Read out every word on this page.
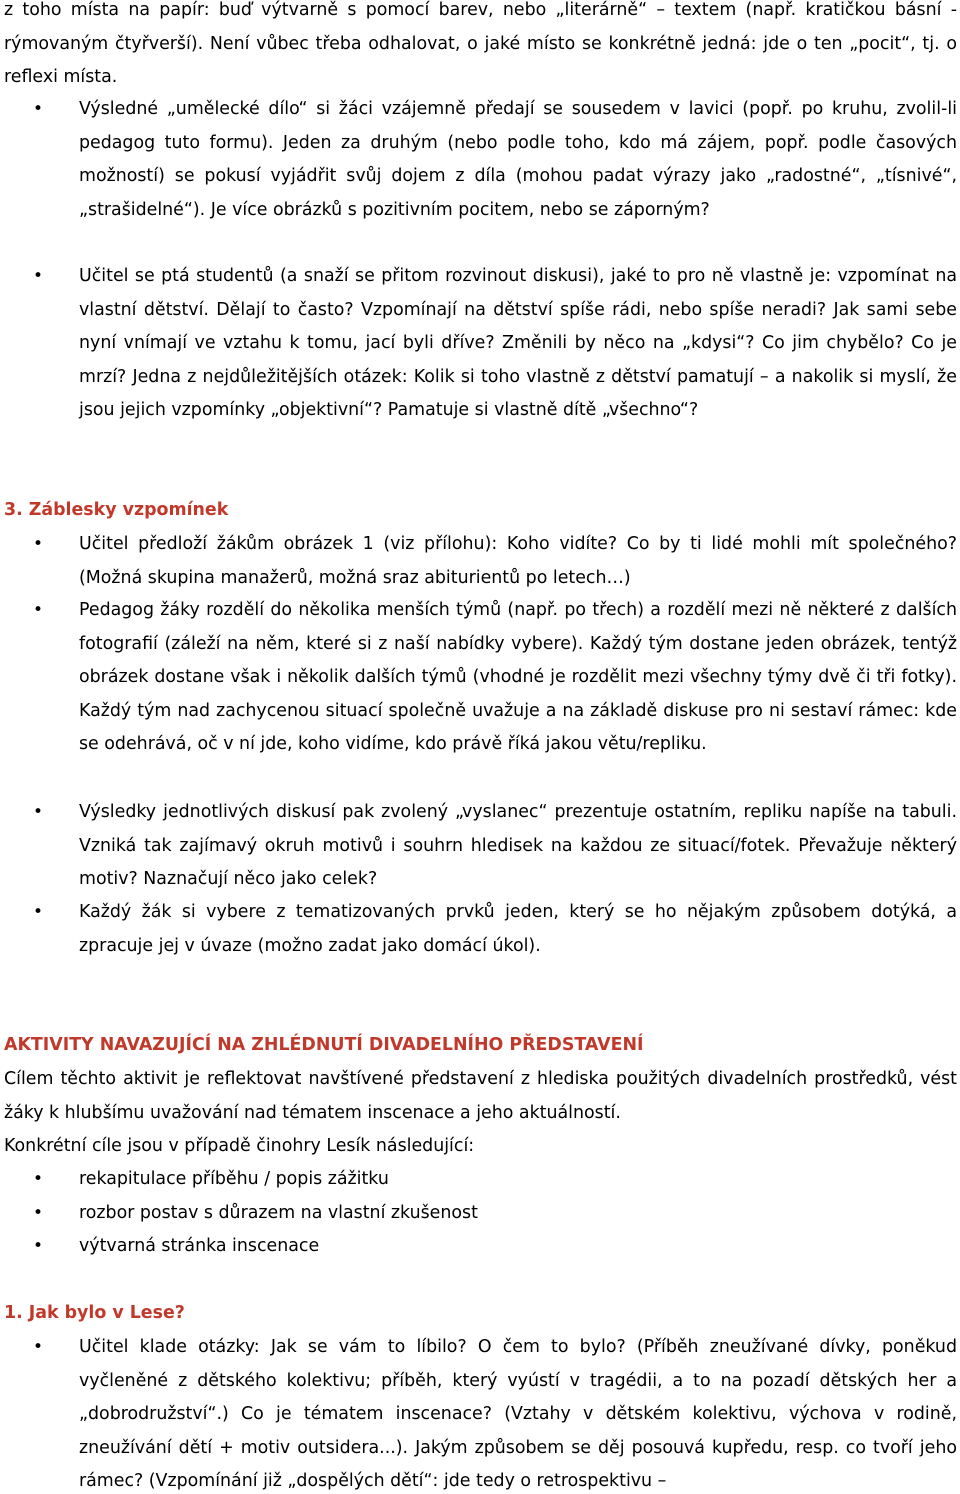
z toho místa na papír: buď výtvarně s pomocí barev, nebo „literárně“ – textem (např. kratičkou básní - rýmovaným čtyřverší). Není vůbec třeba odhalovat, o jaké místo se konkrétně jedná: jde o ten „pocit“, tj. o reflexi místa.

• Výsledné „umělecké dílo“ si žáci vzájemně předají se sousedem v lavici (popř. po kruhu, zvolil-li pedagog tuto formu). Jeden za druhým (nebo podle toho, kdo má zájem, popř. podle časových možností) se pokusí vyjádřit svůj dojem z díla (mohou padat výrazy jako „radostné“, „tísnivé“, „strašidelné“). Je více obrázků s pozitivním pocitem, nebo se záporným?

• Učitel se ptá studentů (a snaží se přitom rozvinout diskusi), jaké to pro ně vlastně je: vzpomínat na vlastní dětství. Dělají to často? Vzpomínají na dětství spíše rádi, nebo spíše neradi? Jak sami sebe nyní vnímají ve vztahu k tomu, jací byli dříve? Změnili by něco na „kdysi“? Co jim chybělo? Co je mrzí? Jedna z nejdůležitějších otázek: Kolik si toho vlastně z dětství pamatují – a nakolik si myslí, že jsou jejich vzpomínky „objektivní“? Pamatuje si vlastně dítě „všechno“?

3. Záblesky vzpomínek
• Učitel předloží žákům obrázek 1 (viz přílohu): Koho vidíte? Co by ti lidé mohli mít společného? (Možná skupina manažerů, možná sraz abiturientů po letech…)

• Pedagog žáky rozdělí do několika menších týmů (např. po třech) a rozdělí mezi ně některé z dalších fotografií (záleží na něm, které si z naší nabídky vybere). Každý tým dostane jeden obrázek, tentýž obrázek dostane však i několik dalších týmů (vhodné je rozdělit mezi všechny týmy dvě či tři fotky). Každý tým nad zachycenou situací společně uvažuje a na základě diskuse pro ni sestaví rámec: kde se odehrává, oč v ní jde, koho vidíme, kdo právě říká jakou větu/repliku.

• Výsledky jednotlivých diskusí pak zvolený „vyslanec“ prezentuje ostatním, repliku napíše na tabuli. Vzniká tak zajímavý okruh motivů i souhrn hledisek na každou ze situací/fotek. Převažuje některý motiv? Naznačují něco jako celek?

• Každý žák si vybere z tematizovaných prvků jeden, který se ho nějakým způsobem dotýká, a zpracuje jej v úvaze (možno zadat jako domácí úkol).

AKTIVITY NAVAZUJÍCÍ NA ZHLÉDNUTÍ DIVADELNÍHO PŘEDSTAVENÍ

Cílem těchto aktivit je reflektovat navštívené představení z hlediska použitých divadelních prostředků, vést žáky k hlubšímu uvažování nad tématem inscenace a jeho aktuálností.

Konkrétní cíle jsou v případě činohry Lesík následující:

• rekapitulace příběhu / popis zážitku

• rozbor postav s důrazem na vlastní zkušenost

• výtvarná stránka inscenace

1. Jak bylo v Lese?
• Učitel klade otázky: Jak se vám to líbilo? O čem to bylo? (Příběh zneužívané dívky, poněkud vyčleněné z dětského kolektivu; příběh, který vyústí v tragédii, a to na pozadí dětských her a „dobrodružství“.) Co je tématem inscenace? (Vztahy v dětském kolektivu, výchova v rodině, zneužívání dětí + motiv outsidera...). Jakým způsobem se děj posouvá kupředu, resp. co tvoří jeho rámec? (Vzpomínání již „dospělých dětí“: jde tedy o retrospektivu –
